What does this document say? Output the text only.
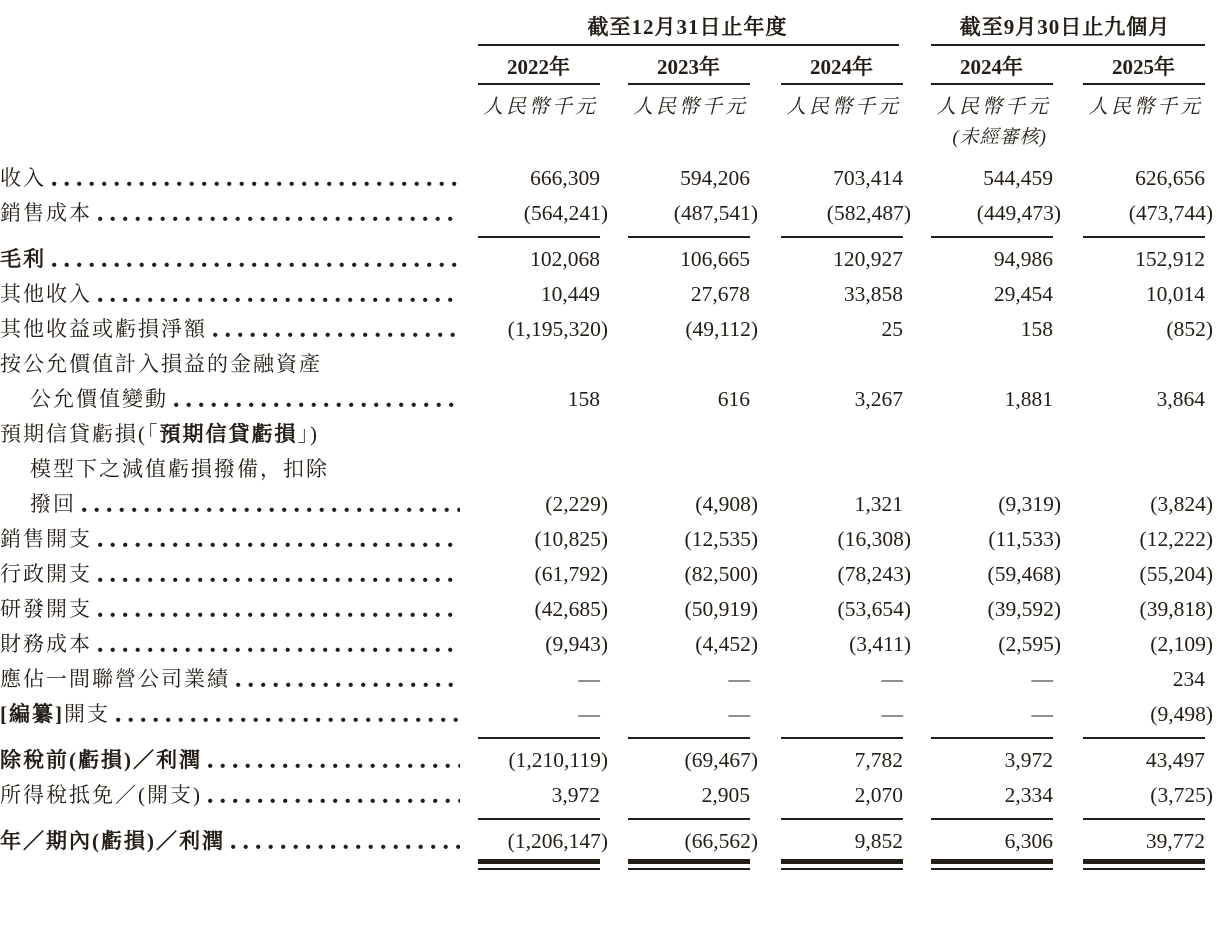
截至12月31日止年度	截至9月30日止九個月
2022年	2023年	2024年	2024年	2025年
人民幣千元	人民幣千元	人民幣千元	人民幣千元	人民幣千元
(未經審核)
收入	666,309	594,206	703,414	544,459	626,656
銷售成本	(564,241)	(487,541)	(582,487)	(449,473)	(473,744)
毛利	102,068	106,665	120,927	94,986	152,912
其他收入	10,449	27,678	33,858	29,454	10,014
其他收益或虧損淨額	(1,195,320)	(49,112)	25	158	(852)
按公允價值計入損益的金融資產
公允價值變動	158	616	3,267	1,881	3,864
預期信貸虧損(「 預期信貸虧損 」)
模型下之減值虧損撥備，扣除
撥回	(2,229)	(4,908)	1,321	(9,319)	(3,824)
銷售開支	(10,825)	(12,535)	(16,308)	(11,533)	(12,222)
行政開支	(61,792)	(82,500)	(78,243)	(59,468)	(55,204)
研發開支	(42,685)	(50,919)	(53,654)	(39,592)	(39,818)
財務成本	(9,943)	(4,452)	(3,411)	(2,595)	(2,109)
應佔一間聯營公司業績	—	—	—	—	234
[編纂] 開支	—	—	—	—	(9,498)
除稅前(虧損)／利潤	(1,210,119)	(69,467)	7,782	3,972	43,497
所得稅抵免／(開支)	3,972	2,905	2,070	2,334	(3,725)
年／期內(虧損)／利潤	(1,206,147)	(66,562)	9,852	6,306	39,772
